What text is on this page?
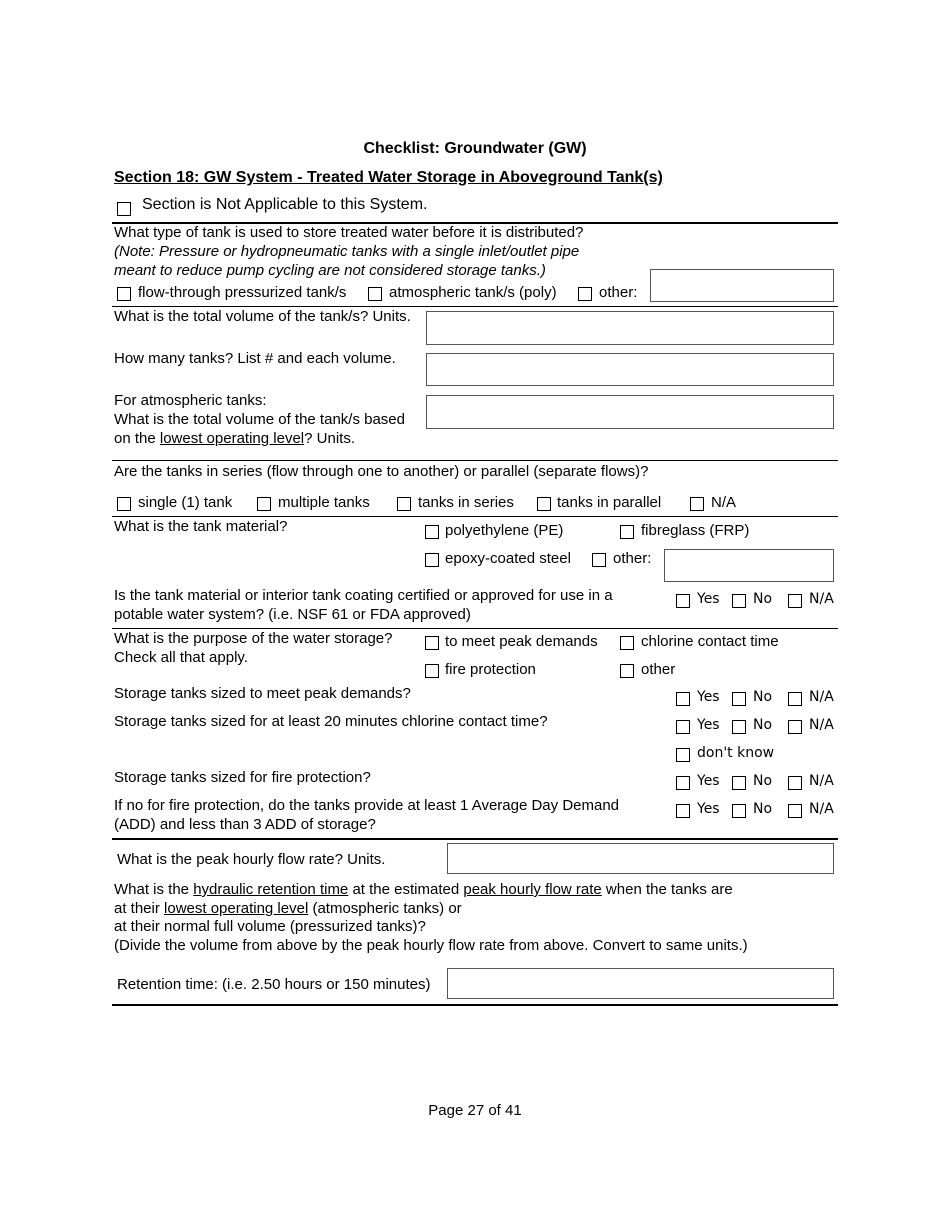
Checklist: Groundwater (GW)
Section 18: GW System - Treated Water Storage in Aboveground Tank(s)
Section is Not Applicable to this System.
What type of tank is used to store treated water before it is distributed?
(Note: Pressure or hydropneumatic tanks with a single inlet/outlet pipe
meant to reduce pump cycling are not considered storage tanks.)
flow-through pressurized tank/s	atmospheric tank/s (poly)	other:
What is the total volume of the tank/s? Units.
How many tanks? List # and each volume.
For atmospheric tanks:
What is the total volume of the tank/s based
on the lowest operating level? Units.
Are the tanks in series (flow through one to another) or parallel (separate flows)?
single (1) tank	multiple tanks	tanks in series	tanks in parallel	N/A
What is the tank material?	polyethylene (PE)	fibreglass (FRP)
epoxy-coated steel	other:
Is the tank material or interior tank coating certified or approved for use in a
potable water system? (i.e. NSF 61 or FDA approved)
Yes No	N/A
What is the purpose of the water storage?
Check all that apply.
to meet peak demands	chlorine contact time
fire protection	other
Storage tanks sized to meet peak demands?	Yes No	N/A
Storage tanks sized for at least 20 minutes chlorine contact time?	Yes No	N/A
don't know
Storage tanks sized for fire protection?	Yes No	N/A
If no for fire protection, do the tanks provide at least 1 Average Day Demand
(ADD) and less than 3 ADD of storage?
Yes No	N/A
What is the peak hourly flow rate? Units.
What is the hydraulic retention time at the estimated peak hourly flow rate when the tanks are
at their lowest operating level (atmospheric tanks) or
at their normal full volume (pressurized tanks)?
(Divide the volume from above by the peak hourly flow rate from above. Convert to same units.)
Retention time: (i.e. 2.50 hours or 150 minutes)
Page 27 of 41
